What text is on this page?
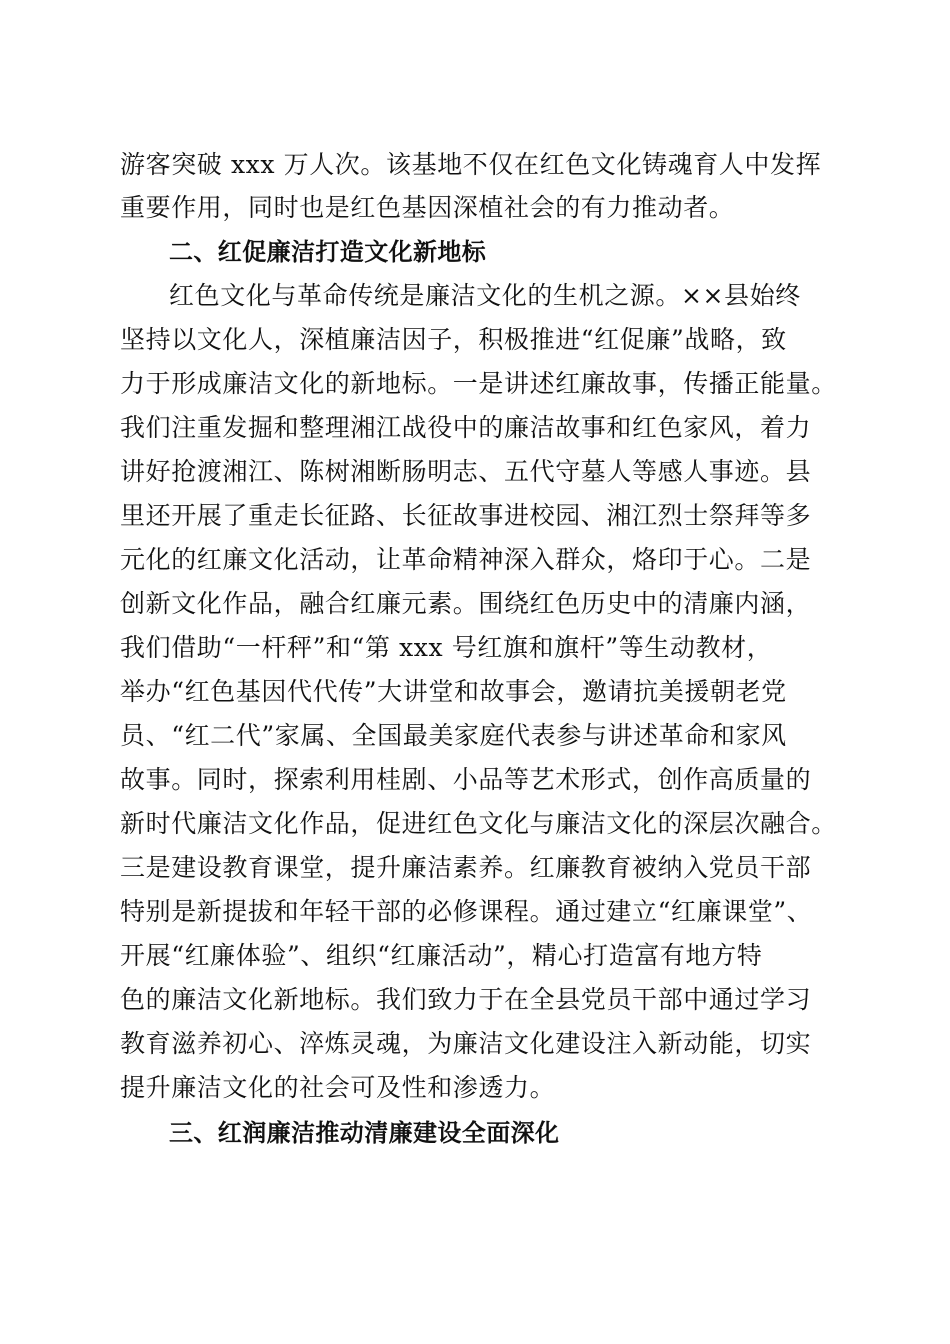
游客突破 xxx 万人次。该基地不仅在红色文化铸魂育人中发挥
重要作用，同时也是红色基因深植社会的有力推动者。
二、红促廉洁打造文化新地标
红色文化与革命传统是廉洁文化的生机之源。××县始终
坚持以文化人，深植廉洁因子，积极推进“红促廉”战略，致
力于形成廉洁文化的新地标。一是讲述红廉故事，传播正能量。
我们注重发掘和整理湘江战役中的廉洁故事和红色家风，着力
讲好抢渡湘江、陈树湘断肠明志、五代守墓人等感人事迹。县
里还开展了重走长征路、长征故事进校园、湘江烈士祭拜等多
元化的红廉文化活动，让革命精神深入群众，烙印于心。二是
创新文化作品，融合红廉元素。围绕红色历史中的清廉内涵，
我们借助“一杆秤”和“第 xxx 号红旗和旗杆”等生动教材，
举办“红色基因代代传”大讲堂和故事会，邀请抗美援朝老党
员、“红二代”家属、全国最美家庭代表参与讲述革命和家风
故事。同时，探索利用桂剧、小品等艺术形式，创作高质量的
新时代廉洁文化作品，促进红色文化与廉洁文化的深层次融合。
三是建设教育课堂，提升廉洁素养。红廉教育被纳入党员干部
特别是新提拔和年轻干部的必修课程。通过建立“红廉课堂”、
开展“红廉体验”、组织“红廉活动”，精心打造富有地方特
色的廉洁文化新地标。我们致力于在全县党员干部中通过学习
教育滋养初心、淬炼灵魂，为廉洁文化建设注入新动能，切实
提升廉洁文化的社会可及性和渗透力。
三、红润廉洁推动清廉建设全面深化
